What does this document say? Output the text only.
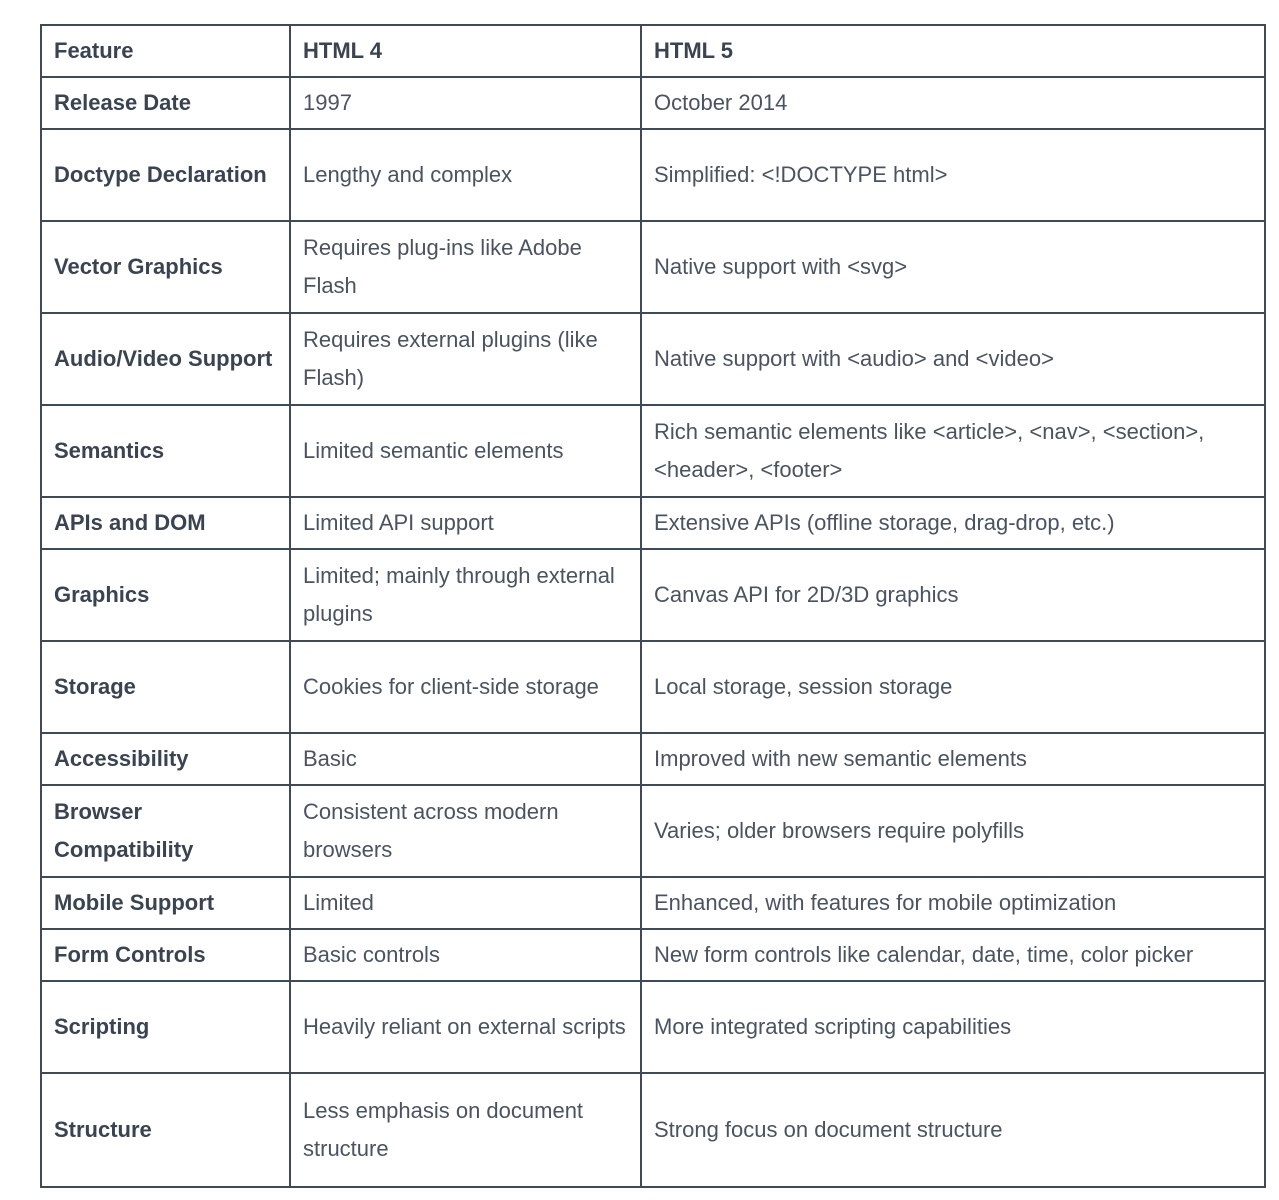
Feature	HTML 4	HTML 5
Release Date	1997	October 2014
Doctype Declaration	Lengthy and complex	Simplified: <!DOCTYPE html>
Vector Graphics	Requires plug-ins like Adobe Flash	Native support with <svg>
Audio/Video Support	Requires external plugins (like Flash)	Native support with <audio> and <video>
Semantics	Limited semantic elements	Rich semantic elements like <article>, <nav>, <section>, <header>, <footer>
APIs and DOM	Limited API support	Extensive APIs (offline storage, drag-drop, etc.)
Graphics	Limited; mainly through external plugins	Canvas API for 2D/3D graphics
Storage	Cookies for client-side storage	Local storage, session storage
Accessibility	Basic	Improved with new semantic elements
Browser Compatibility	Consistent across modern browsers	Varies; older browsers require polyfills
Mobile Support	Limited	Enhanced, with features for mobile optimization
Form Controls	Basic controls	New form controls like calendar, date, time, color picker
Scripting	Heavily reliant on external scripts	More integrated scripting capabilities
Structure	Less emphasis on document structure	Strong focus on document structure
